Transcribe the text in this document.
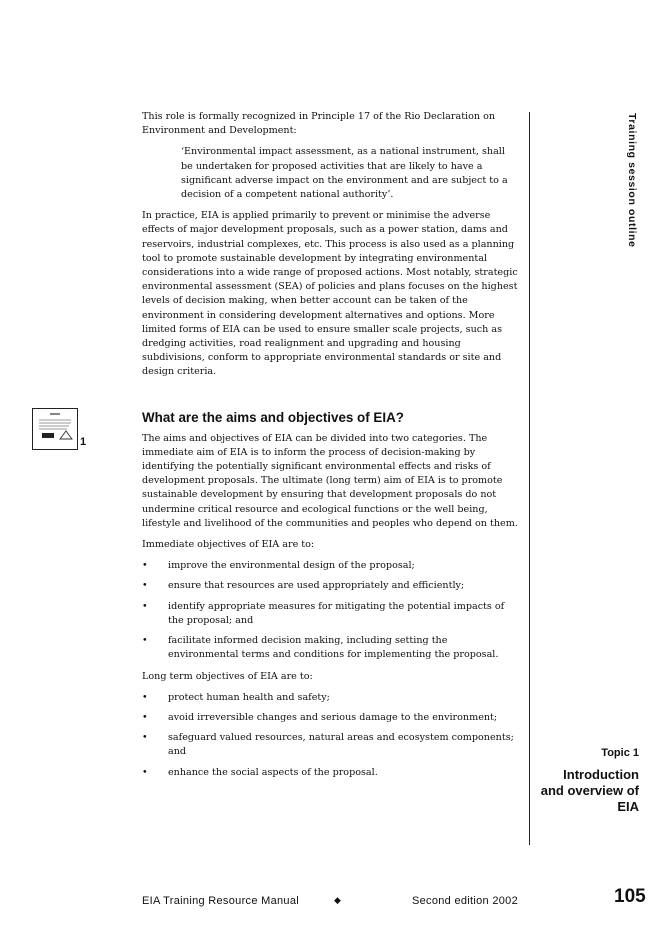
This role is formally recognized in Principle 17 of the Rio Declaration on Environment and Development:

‘Environmental impact assessment, as a national instrument, shall be undertaken for proposed activities that are likely to have a significant adverse impact on the environment and are subject to a decision of a competent national authority’.

In practice, EIA is applied primarily to prevent or minimise the adverse effects of major development proposals, such as a power station, dams and reservoirs, industrial complexes, etc. This process is also used as a planning tool to promote sustainable development by integrating environmental considerations into a wide range of proposed actions. Most notably, strategic environmental assessment (SEA) of policies and plans focuses on the highest levels of decision making, when better account can be taken of the environment in considering development alternatives and options. More limited forms of EIA can be used to ensure smaller scale projects, such as dredging activities, road realignment and upgrading and housing subdivisions, conform to appropriate environmental standards or site and design criteria.

What are the aims and objectives of EIA?

The aims and objectives of EIA can be divided into two categories. The immediate aim of EIA is to inform the process of decision-making by identifying the potentially significant environmental effects and risks of development proposals. The ultimate (long term) aim of EIA is to promote sustainable development by ensuring that development proposals do not undermine critical resource and ecological functions or the well being, lifestyle and livelihood of the communities and peoples who depend on them.

Immediate objectives of EIA are to:

• improve the environmental design of the proposal;
• ensure that resources are used appropriately and efficiently;
• identify appropriate measures for mitigating the potential impacts of the proposal; and
• facilitate informed decision making, including setting the environmental terms and conditions for implementing the proposal.

Long term objectives of EIA are to:

• protect human health and safety;
• avoid irreversible changes and serious damage to the environment;
• safeguard valued resources, natural areas and ecosystem components; and
• enhance the social aspects of the proposal.
Training session outline
1
Topic 1
Introduction and overview of EIA
EIA Training Resource Manual	◆	Second edition 2002	105
